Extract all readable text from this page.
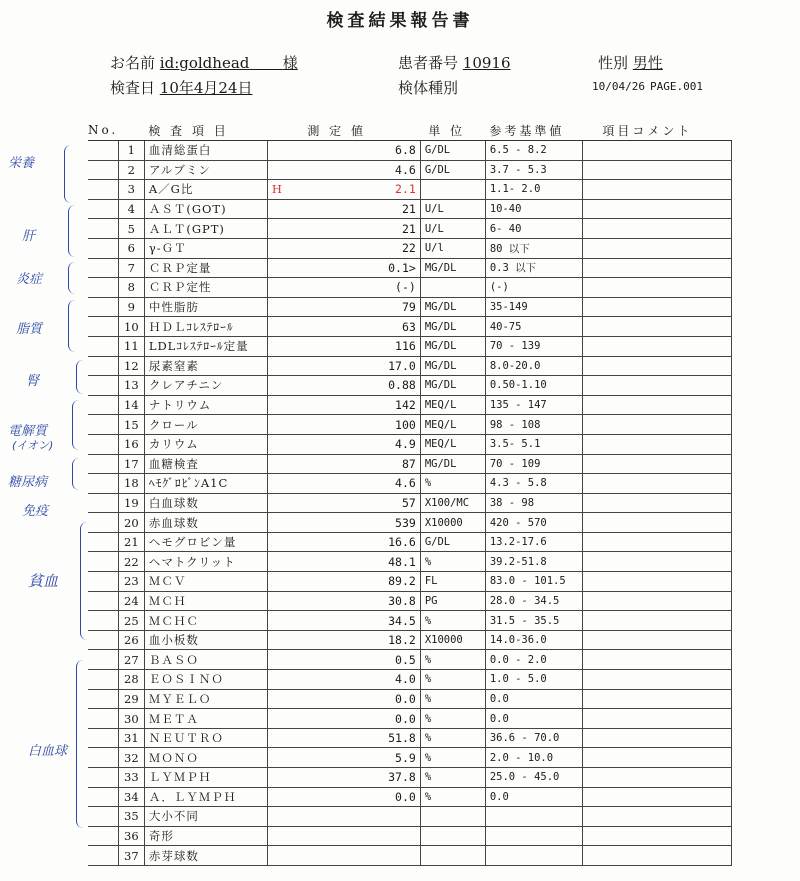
検査結果報告書
お名前 id:goldhead 様	患者番号 10916	性別 男性
検査日 10年4月24日	検体種別	10/04/26 PAGE.001
No.	検 査 項 目		測 定 値		単 位	参考基準値	項目コメント
	1	血清総蛋白		6.8	G/DL	6.5 - 8.2	
	2	アルブミン		4.6	G/DL	3.7 - 5.3	
	3	A／G比	H	2.1		1.1- 2.0	
	4	ＡＳＴ(GOT)		21	U/L	10-40	
	5	ＡＬＴ(GPT)		21	U/L	6- 40	
	6	γ-ＧＴ		22	U/l	80 以下	
	7	ＣＲＰ定量		0.1>	MG/DL	0.3 以下	
	8	ＣＲＰ定性		(-)		(-)	
	9	中性脂肪		79	MG/DL	35-149	
	10	ＨＤＬｺﾚｽﾃﾛｰﾙ		63	MG/DL	40-75	
	11	LDLｺﾚｽﾃﾛｰﾙ定量		116	MG/DL	70 - 139	
	12	尿素窒素		17.0	MG/DL	8.0-20.0	
	13	クレアチニン		0.88	MG/DL	0.50-1.10	
	14	ナトリウム		142	MEQ/L	135 - 147	
	15	クロール		100	MEQ/L	98 - 108	
	16	カリウム		4.9	MEQ/L	3.5- 5.1	
	17	血糖検査		87	MG/DL	70 - 109	
	18	ﾍﾓｸﾞﾛﾋﾞﾝA1C		4.6	%	4.3 - 5.8	
	19	白血球数		57	X100/MC	38 - 98	
	20	赤血球数		539	X10000	420 - 570	
	21	ヘモグロビン量		16.6	G/DL	13.2-17.6	
	22	ヘマトクリット		48.1	%	39.2-51.8	
	23	ＭＣＶ		89.2	FL	83.0 - 101.5	
	24	ＭＣＨ		30.8	PG	28.0 - 34.5	
	25	ＭＣＨＣ		34.5	%	31.5 - 35.5	
	26	血小板数		18.2	X10000	14.0-36.0	
	27	ＢＡＳＯ		0.5	%	0.0 - 2.0	
	28	ＥＯＳＩＮＯ		4.0	%	1.0 - 5.0	
	29	ＭＹＥＬＯ		0.0	%	0.0	
	30	ＭＥＴＡ		0.0	%	0.0	
	31	ＮＥＵＴＲＯ		51.8	%	36.6 - 70.0	
	32	ＭＯＮＯ		5.9	%	2.0 - 10.0	
	33	ＬＹＭＰＨ		37.8	%	25.0 - 45.0	
	34	Ａ．ＬＹＭＰＨ		0.0	%	0.0	
	35	大小不同					
	36	奇形					
	37	赤芽球数					
栄養
肝
炎症
脂質
腎
電解質
(イオン)
糖尿病
免疫
貧血
白血球
